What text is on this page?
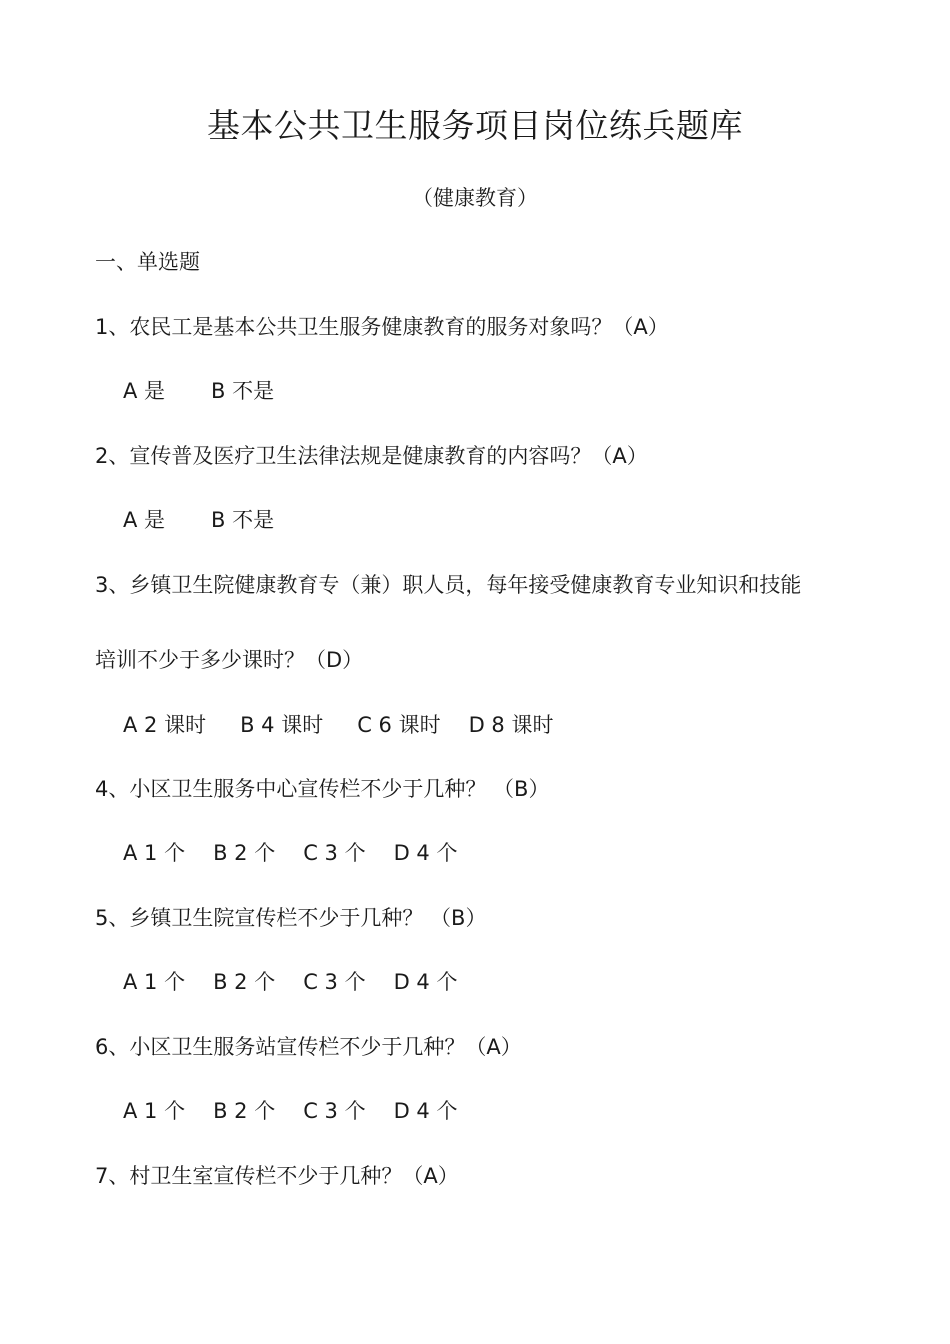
基本公共卫生服务项目岗位练兵题库
（健康教育）
一、单选题
1、农民工是基本公共卫生服务健康教育的服务对象吗？（A）
A 是 B 不是
2、宣传普及医疗卫生法律法规是健康教育的内容吗？（A）
A 是 B 不是
3、乡镇卫生院健康教育专（兼）职人员，每年接受健康教育专业知识和技能
培训不少于多少课时？（D）
A 2 课时 B 4 课时 C 6 课时 D 8 课时
4、小区卫生服务中心宣传栏不少于几种？ （B）
A 1 个 B 2 个 C 3 个 D 4 个
5、乡镇卫生院宣传栏不少于几种？ （B）
A 1 个 B 2 个 C 3 个 D 4 个
6、小区卫生服务站宣传栏不少于几种？（A）
A 1 个 B 2 个 C 3 个 D 4 个
7、村卫生室宣传栏不少于几种？（A）
